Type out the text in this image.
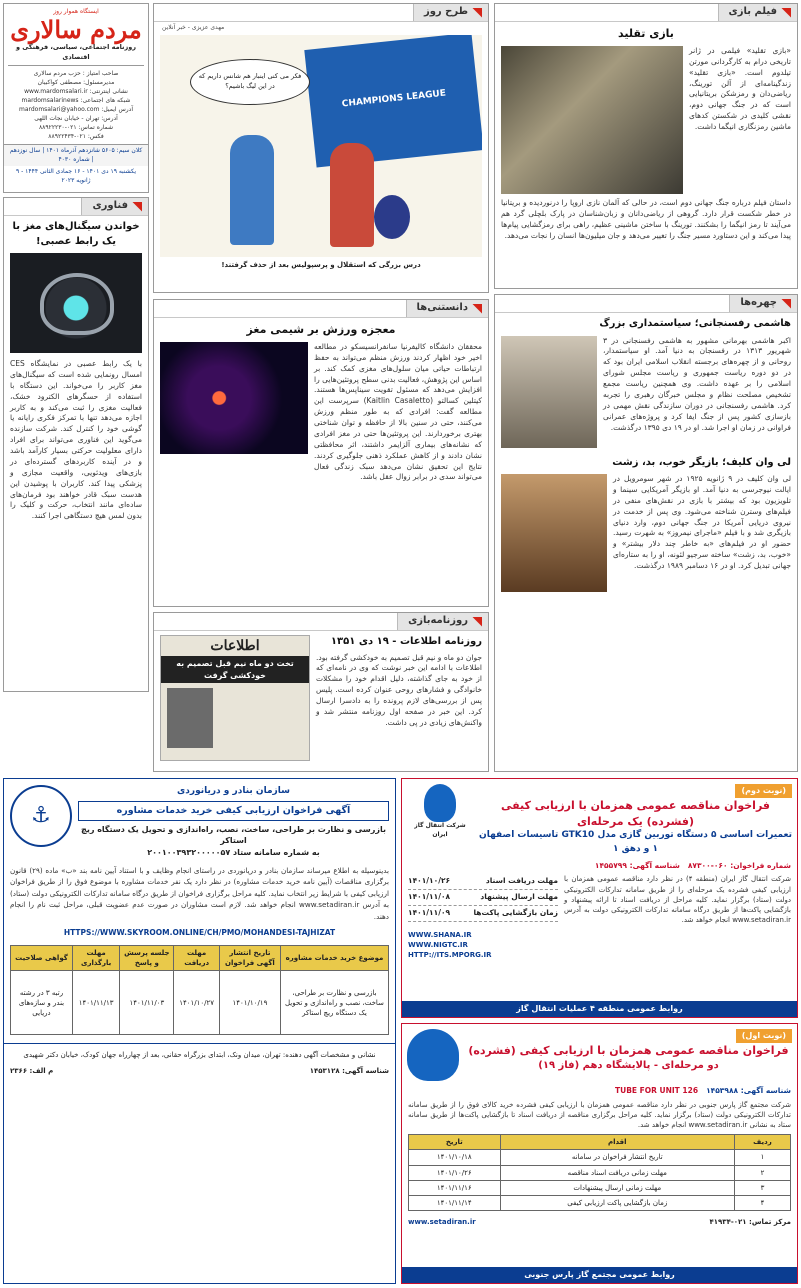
ایستگاه هموار روز
مردم سالاری
روزنامه اجتماعی، سیاسی، فرهنگی و اقتصادی
صاحب امتیاز : حزب مردم سالاری
مدیرمسئول: مصطفی کواکبیان
نشانی اینترنتی: www.mardomsalari.ir
شبکه های اجتماعی: mardomsalarinews
آدرس ایمیل: mardomsalari@yahoo.com
آدرس: تهران - خیابان نجات اللهی
شماره تماس: ۰۲۱-۸۸۹۲۲۲۳۰
فکس: ۰۲۱-۸۸۹۲۲۴۳۴
کلان سیم: ۵۶۰۵ شانزدهم آذرماه ۱۴۰۱ | سال نوزدهم | شماره ۴۰۳۰
یکشنبه ۱۹ دی ۱۴۰۱ - ۱۶ جمادی الثانی ۱۴۴۴ - ۹ ژانویه ۲۰۲۳
فناوری
خواندن سیگنال‌های مغز با یک رابط عصبی!
با یک رابط عصبی در نمایشگاه CES امسال رونمایی شده است که سیگنال‌های مغز کاربر را می‌خواند. این دستگاه با استفاده از حسگرهای الکترود خشک، فعالیت مغزی را ثبت می‌کند و به کاربر اجازه می‌دهد تنها با تمرکز فکری رایانه یا گوشی خود را کنترل کند. شرکت سازنده می‌گوید این فناوری می‌تواند برای افراد دارای معلولیت حرکتی بسیار کارآمد باشد و در آینده کاربردهای گسترده‌ای در بازی‌های ویدئویی، واقعیت مجازی و پزشکی پیدا کند. کاربران با پوشیدن این هدست سبک قادر خواهند بود فرمان‌های ساده‌ای مانند انتخاب، حرکت و کلیک را بدون لمس هیچ دستگاهی اجرا کنند.
طرح روز
مهدی عزیزی - خبر آنلاین
CHAMPIONS LEAGUE
فکر می کنی اینبار هم شانس داریم که در این لیگ باشیم؟
درس بزرگی که استقلال و پرسپولیس بعد از حذف گرفتند!
دانستنی‌ها
معجزه ورزش بر شیمی مغز
محققان دانشگاه کالیفرنیا سانفرانسیسکو در مطالعه اخیر خود اظهار کردند ورزش منظم می‌تواند به حفظ ارتباطات حیاتی میان سلول‌های مغزی کمک کند. بر اساس این پژوهش، فعالیت بدنی سطح پروتئین‌هایی را افزایش می‌دهد که مسئول تقویت سیناپس‌ها هستند. کیتلین کسالتو (Kaitlin Casaletto) سرپرست این مطالعه گفت: افرادی که به طور منظم ورزش می‌کنند، حتی در سنین بالا از حافظه و توان شناختی بهتری برخوردارند. این پروتئین‌ها حتی در مغز افرادی که نشانه‌های بیماری آلزایمر داشتند، اثر محافظتی نشان دادند و از کاهش عملکرد ذهنی جلوگیری کردند. نتایج این تحقیق نشان می‌دهد سبک زندگی فعال می‌تواند سدی در برابر زوال عقل باشد.
روزنامه‌بازی
روزنامه اطلاعات - ۱۹ دی ۱۳۵۱
جوان دو ماه و نیم قبل تصمیم به خودکشی گرفته بود. اطلاعات با ادامه این خبر نوشت که وی در نامه‌ای که از خود به جای گذاشته، دلیل اقدام خود را مشکلات خانوادگی و فشارهای روحی عنوان کرده است. پلیس پس از بررسی‌های لازم پرونده را به دادسرا ارسال کرد. این خبر در صفحه اول روزنامه منتشر شد و واکنش‌های زیادی در پی داشت.
اطلاعات
تخت دو ماه نیم قبل تصمیم به خودکشی گرفت
فیلم بازی
بازی تقلید
«بازی تقلید» فیلمی در ژانر تاریخی درام به کارگردانی مورتن تیلدوم است. «بازی تقلید» زندگینامه‌ای از آلن تورینگ، ریاضی‌دان و رمزشکن بریتانیایی است که در جنگ جهانی دوم، نقشی کلیدی در شکستن کدهای ماشین رمزنگاری انیگما داشت.
داستان فیلم درباره جنگ جهانی دوم است، در حالی که آلمان نازی اروپا را درنوردیده و بریتانیا در خطر شکست قرار دارد. گروهی از ریاضی‌دانان و زبان‌شناسان در پارک بلچلی گرد هم می‌آیند تا رمز انیگما را بشکنند. تورینگ با ساختن ماشینی عظیم، راهی برای رمزگشایی پیام‌ها پیدا می‌کند و این دستاورد مسیر جنگ را تغییر می‌دهد و جان میلیون‌ها انسان را نجات می‌دهد.
چهره‌ها
هاشمی رفسنجانی؛ سیاستمداری بزرگ
اکبر هاشمی بهرمانی مشهور به هاشمی رفسنجانی در ۳ شهریور ۱۳۱۳ در رفسنجان به دنیا آمد. او سیاستمدار، روحانی و از چهره‌های برجسته انقلاب اسلامی ایران بود که در دو دوره ریاست جمهوری و ریاست مجلس شورای اسلامی را بر عهده داشت. وی همچنین ریاست مجمع تشخیص مصلحت نظام و مجلس خبرگان رهبری را تجربه کرد. هاشمی رفسنجانی در دوران سازندگی نقش مهمی در بازسازی کشور پس از جنگ ایفا کرد و پروژه‌های عمرانی فراوانی در زمان او اجرا شد. او در ۱۹ دی ۱۳۹۵ درگذشت.
لی وان کلیف؛ بازیگر خوب، بد، زشت
لی وان کلیف در ۹ ژانویه ۱۹۲۵ در شهر سومرویل در ایالت نیوجرسی به دنیا آمد. او بازیگر آمریکایی سینما و تلویزیون بود که بیشتر با بازی در نقش‌های منفی در فیلم‌های وسترن شناخته می‌شود. وی پس از خدمت در نیروی دریایی آمریکا در جنگ جهانی دوم، وارد دنیای بازیگری شد و با فیلم «ماجرای نیمروز» به شهرت رسید. حضور او در فیلم‌های «به خاطر چند دلار بیشتر» و «خوب، بد، زشت» ساخته سرجیو لئونه، او را به ستاره‌ای جهانی تبدیل کرد. او در ۱۶ دسامبر ۱۹۸۹ درگذشت.
سازمان بنادر و دریانوردی
آگهی فراخوان ارزیابی کیفی خرید خدمات مشاوره
بازرسی و نظارت بر طراحی، ساخت، نصب، راه‌اندازی و تحویل یک دستگاه ریچ استاکر
به شماره سامانه ستاد ۲۰۰۱۰۰۳۹۳۲۰۰۰۰۰۵۷
⚓
بدینوسیله به اطلاع میرساند سازمان بنادر و دریانوردی در راستای انجام وظایف و با استناد آیین نامه بند «ب» ماده (۲۹) قانون برگزاری مناقصات (آیین نامه خرید خدمات مشاوره) در نظر دارد یک نفر خدمات مشاوره با موضوع فوق را از طریق فراخوان ارزیابی کیفی با شرایط زیر انتخاب نماید. کلیه مراحل برگزاری فراخوان از طریق درگاه سامانه تدارکات الکترونیکی دولت (ستاد) به آدرس www.setadiran.ir انجام خواهد شد. لازم است مشاوران در صورت عدم عضویت قبلی، مراحل ثبت نام را انجام دهند.
HTTPS://WWW.SKYROOM.ONLINE/CH/PMO/MOHANDESI-TAJHIZAT
موضوع خرید خدمات مشاوره	تاریخ انتشار آگهی فراخوان	مهلت دریافت	جلسه پرسش و پاسخ	مهلت بارگذاری	گواهی صلاحیت
بازرسی و نظارت بر طراحی، ساخت، نصب و راه‌اندازی و تحویل یک دستگاه ریچ استاکر	۱۴۰۱/۱۰/۱۹	۱۴۰۱/۱۰/۲۷	۱۴۰۱/۱۱/۰۳	۱۴۰۱/۱۱/۱۳	رتبه ۳ در رشته بندر و سازه‌های دریایی
نشانی و مشخصات آگهی دهنده: تهران، میدان ونک، ابتدای بزرگراه حقانی، بعد از چهارراه جهان کودک، خیابان دکتر شهیدی
شناسه آگهی: ۱۴۵۳۱۲۸
م الف: ۲۳۶۶
(نوبت دوم)
فراخوان مناقصه عمومی همزمان با ارزیابی کیفی (فشرده) یک مرحله‌ای
تعمیرات اساسی ۵ دستگاه توربین گازی مدل GTK10 تاسیسات اصفهان ۱ و دهق ۱
شرکت انتقال گاز ایران
شماره فراخوان: ۰۶۰-۸۷۳۰۰
شناسه آگهی: ۱۴۵۵۷۹۹
شرکت انتقال گاز ایران (منطقه ۴) در نظر دارد مناقصه عمومی همزمان با ارزیابی کیفی فشرده یک مرحله‌ای را از طریق سامانه تدارکات الکترونیکی دولت (ستاد) برگزار نماید. کلیه مراحل از دریافت اسناد تا ارائه پیشنهاد و بازگشایی پاکت‌ها از طریق درگاه سامانه تدارکات الکترونیکی دولت به آدرس www.setadiran.ir انجام خواهد شد.
مهلت دریافت اسناد
۱۴۰۱/۱۰/۲۶
مهلت ارسال پیشنهاد
۱۴۰۱/۱۱/۰۸
زمان بازگشایی پاکت‌ها
۱۴۰۱/۱۱/۰۹
WWW.SHANA.IR
WWW.NIGTC.IR
HTTP://ITS.MPORG.IR
روابط عمومی منطقه ۴ عملیات انتقال گاز
(نوبت اول)
فراخوان مناقصه عمومی همزمان با ارزیابی کیفی (فشرده)
دو مرحله‌ای - پالایشگاه دهم (فاز ۱۹)
شناسه آگهی: ۱۴۵۳۹۸۸
TUBE FOR UNIT 126
شرکت مجتمع گاز پارس جنوبی در نظر دارد مناقصه عمومی همزمان با ارزیابی کیفی فشرده خرید کالای فوق را از طریق سامانه تدارکات الکترونیکی دولت (ستاد) برگزار نماید. کلیه مراحل برگزاری مناقصه از دریافت اسناد تا بازگشایی پاکت‌ها از طریق سامانه ستاد به نشانی www.setadiran.ir انجام خواهد شد.
ردیف	اقدام	تاریخ
۱	تاریخ انتشار فراخوان در سامانه	۱۴۰۱/۱۰/۱۸
۲	مهلت زمانی دریافت اسناد مناقصه	۱۴۰۱/۱۰/۲۶
۳	مهلت زمانی ارسال پیشنهادات	۱۴۰۱/۱۱/۱۶
۴	زمان بازگشایی پاکت ارزیابی کیفی	۱۴۰۱/۱۱/۱۴
مرکز تماس: ۰۲۱-۴۱۹۳۴
www.setadiran.ir
روابط عمومی مجتمع گاز پارس جنوبی
